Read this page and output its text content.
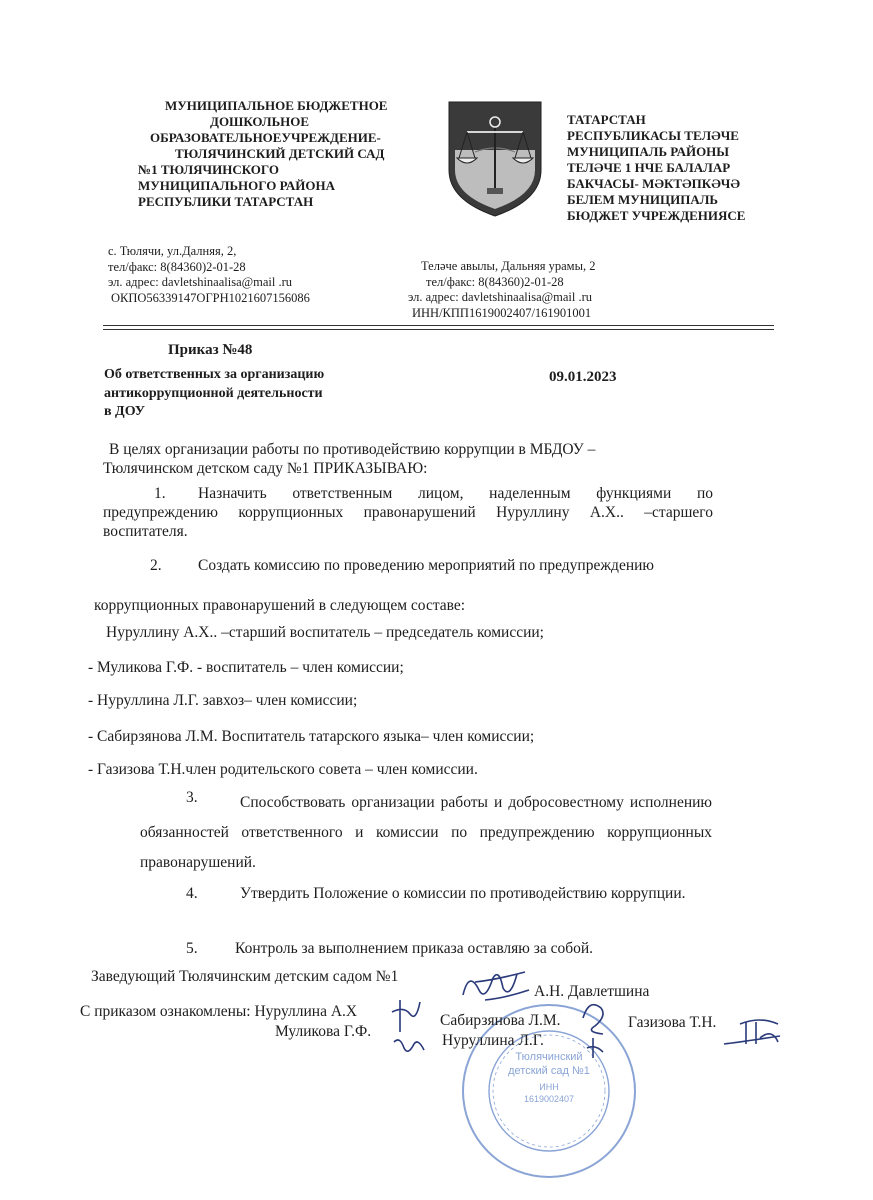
МУНИЦИПАЛЬНОЕ БЮДЖЕТНОЕ
ДОШКОЛЬНОЕ
ОБРАЗОВАТЕЛЬНОЕУЧРЕЖДЕНИЕ-
ТЮЛЯЧИНСКИЙ ДЕТСКИЙ САД
№1 ТЮЛЯЧИНСКОГО
МУНИЦИПАЛЬНОГО РАЙОНА
РЕСПУБЛИКИ ТАТАРСТАН
ТАТАРСТАН
РЕСПУБЛИКАСЫ ТЕЛӘЧЕ
МУНИЦИПАЛЬ РАЙОНЫ
ТЕЛӘЧЕ 1 НЧЕ БАЛАЛАР
БАКЧАСЫ- МӘКТӘПКӘЧӘ
БЕЛЕМ МУНИЦИПАЛЬ
БЮДЖЕТ УЧРЕЖДЕНИЯСЕ
с. Тюлячи, ул.Далняя, 2,
тел/факс: 8(84360)2-01-28
эл. адрес: davletshinaalisa@mail .ru
ОКПО56339147ОГРН1021607156086
Теләче авылы, Дальняя урамы, 2
тел/факс: 8(84360)2-01-28
эл. адрес: davletshinaalisa@mail .ru
ИНН/КПП1619002407/161901001
Приказ №48
09.01.2023
Об ответственных за организацию
антикоррупционной деятельности
в ДОУ
В целях организации работы по противодействию коррупции в МБДОУ –
Тюлячинском детском саду №1 ПРИКАЗЫВАЮ:
1.	Назначить ответственным лицом, наделенным функциями по предупреждению коррупционных правонарушений Нуруллину А.Х.. –старшего воспитателя.
2. Создать комиссию по проведению мероприятий по предупреждению
коррупционных правонарушений в следующем составе:
Нуруллину А.Х.. –старший воспитатель – председатель комиссии;
- Муликова Г.Ф. - воспитатель – член комиссии;
- Нуруллина Л.Г. завхоз– член комиссии;
- Сабирзянова Л.М. Воспитатель татарского языка– член комиссии;
- Газизова Т.Н.член родительского совета – член комиссии.
3.	Способствовать организации работы и добросовестному исполнению обязанностей ответственного и комиссии по предупреждению коррупционных правонарушений.
4.	Утвердить Положение о комиссии по противодействию коррупции.
5. Контроль за выполнением приказа оставляю за собой.
Тюлячинский
детский сад №1
ИНН
1619002407
Заведующий Тюлячинским детским садом №1
А.Н. Давлетшина
С приказом ознакомлены: Нуруллина А.Х
Сабирзянова Л.М.	Газизова Т.Н.
Муликова Г.Ф.
Нуруллина Л.Г.
